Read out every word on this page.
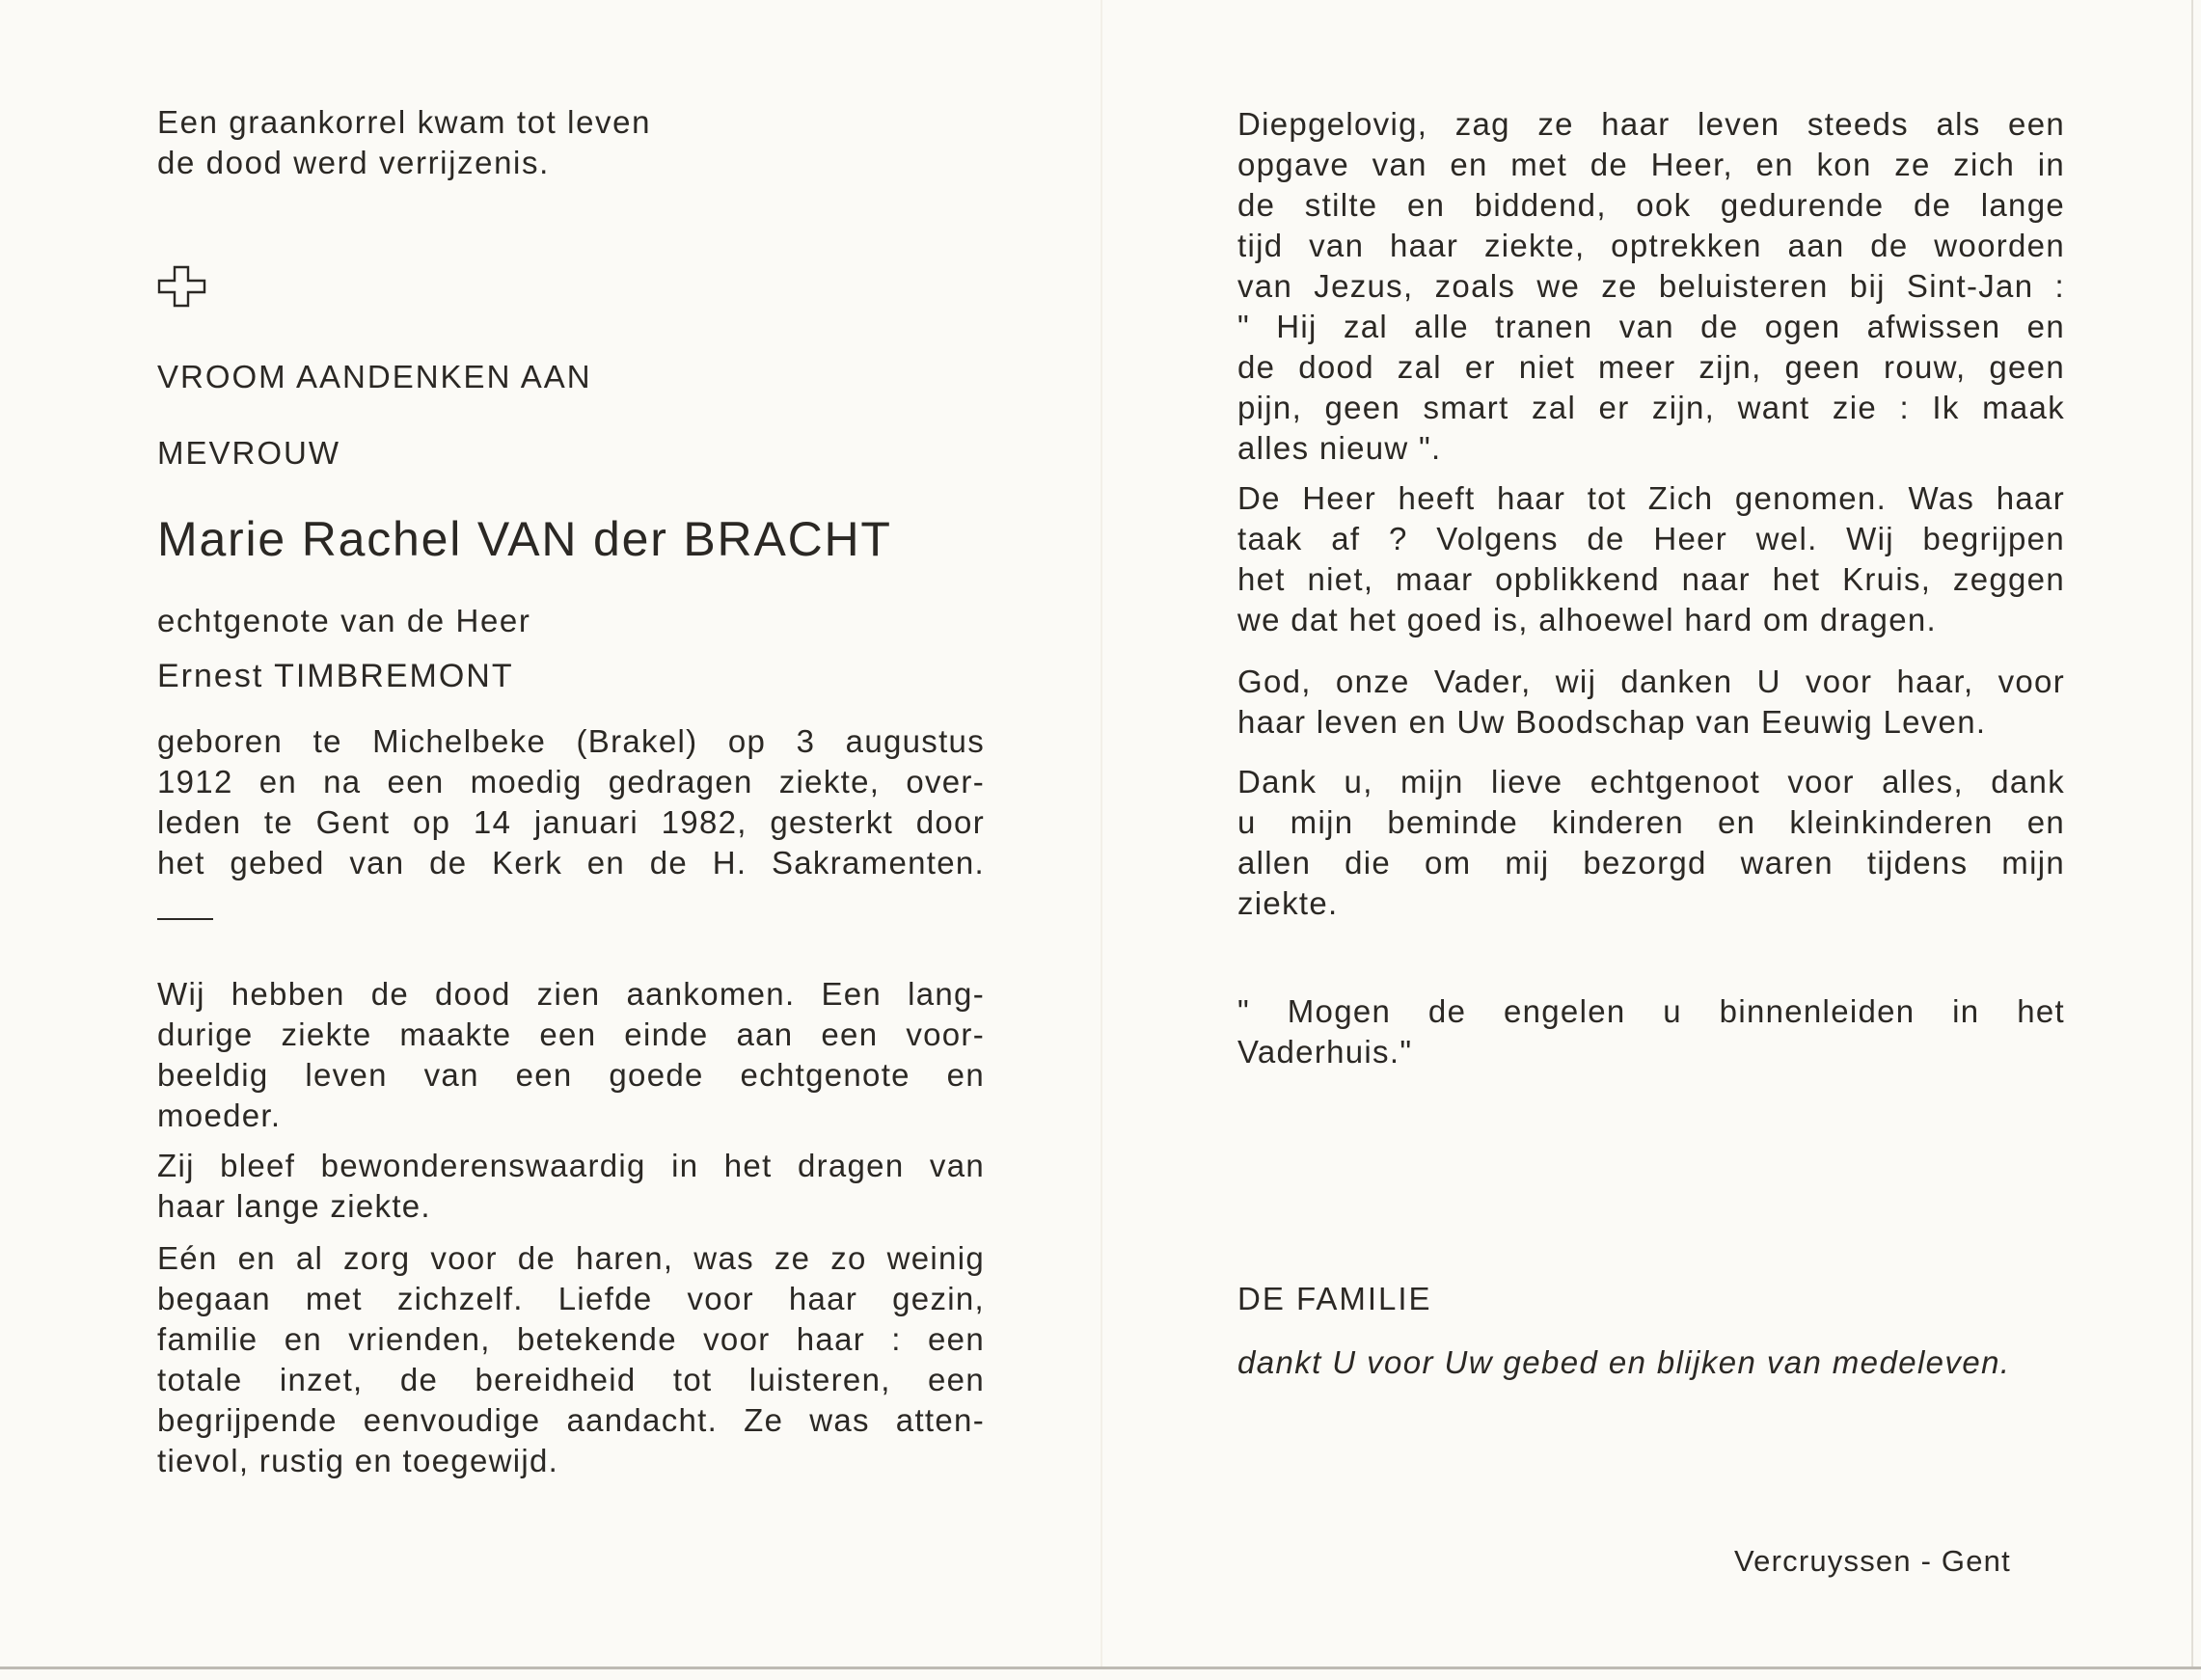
Een graankorrel kwam tot leven

de dood werd verrijzenis.

VROOM AANDENKEN AAN

MEVROUW

Marie Rachel VAN der BRACHT

echtgenote van de Heer

Ernest TIMBREMONT

geboren te Michelbeke (Brakel) op 3 augustus

1912 en na een moedig gedragen ziekte, over-

leden te Gent op 14 januari 1982, gesterkt door

het gebed van de Kerk en de H. Sakramenten.

Wij hebben de dood zien aankomen. Een lang-

durige ziekte maakte een einde aan een voor-

beeldig leven van een goede echtgenote en

moeder.

Zij bleef bewonderenswaardig in het dragen van

haar lange ziekte.

Eén en al zorg voor de haren, was ze zo weinig

begaan met zichzelf. Liefde voor haar gezin,

familie en vrienden, betekende voor haar : een

totale inzet, de bereidheid tot luisteren, een

begrijpende eenvoudige aandacht. Ze was atten-

tievol, rustig en toegewijd.

Diepgelovig, zag ze haar leven steeds als een

opgave van en met de Heer, en kon ze zich in

de stilte en biddend, ook gedurende de lange

tijd van haar ziekte, optrekken aan de woorden

van Jezus, zoals we ze beluisteren bij Sint-Jan :

" Hij zal alle tranen van de ogen afwissen en

de dood zal er niet meer zijn, geen rouw, geen

pijn, geen smart zal er zijn, want zie : Ik maak

alles nieuw ".

De Heer heeft haar tot Zich genomen. Was haar

taak af ? Volgens de Heer wel. Wij begrijpen

het niet, maar opblikkend naar het Kruis, zeggen

we dat het goed is, alhoewel hard om dragen.

God, onze Vader, wij danken U voor haar, voor

haar leven en Uw Boodschap van Eeuwig Leven.

Dank u, mijn lieve echtgenoot voor alles, dank

u mijn beminde kinderen en kleinkinderen en

allen die om mij bezorgd waren tijdens mijn

ziekte.

" Mogen de engelen u binnenleiden in het

Vaderhuis."

DE FAMILIE

dankt U voor Uw gebed en blijken van medeleven.

Vercruyssen - Gent
